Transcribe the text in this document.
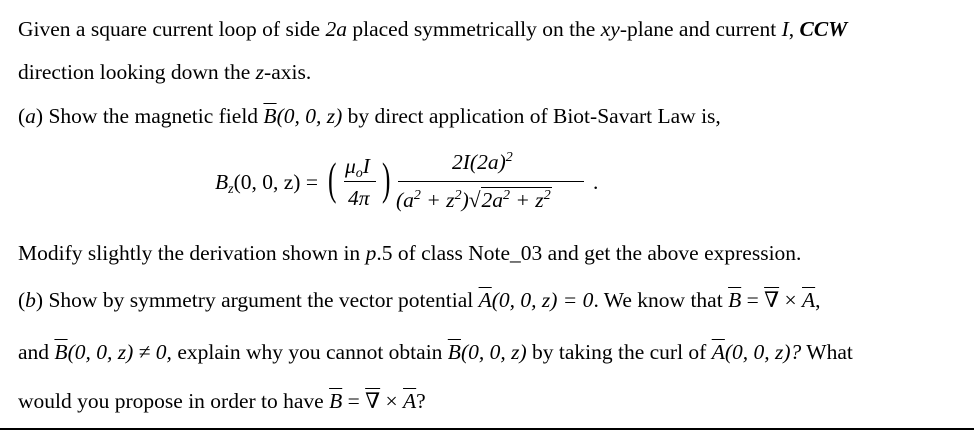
Given a square current loop of side 2a placed symmetrically on the xy-plane and current I, CCW
direction looking down the z-axis.
(a) Show the magnetic field $\overline{B}(0$, 0, z) by direct application of Biot-Savart Law is,
$B_z(0$, 0, z) = ( $\mu_oI$
4π )	$2I(2a)^2$
$(a^2 + z^2)√2a^2 + z^2$
.
Modify slightly the derivation shown in p.5 of class Note_03 and get the above expression.
(b) Show by symmetry argument the vector potential $\overline{A}(0$, 0, z) = 0. We know that $\overline{B}$ = ∇ × $\overline{A}$,
and $\overline{B}(0$, 0, z) ≠ 0, explain why you cannot obtain $\overline{B}(0$, 0, z) by taking the curl of $\overline{A}(0$, 0, z)? What
would you propose in order to have $\overline{B}$ = ∇ × $\overline{A}$?
